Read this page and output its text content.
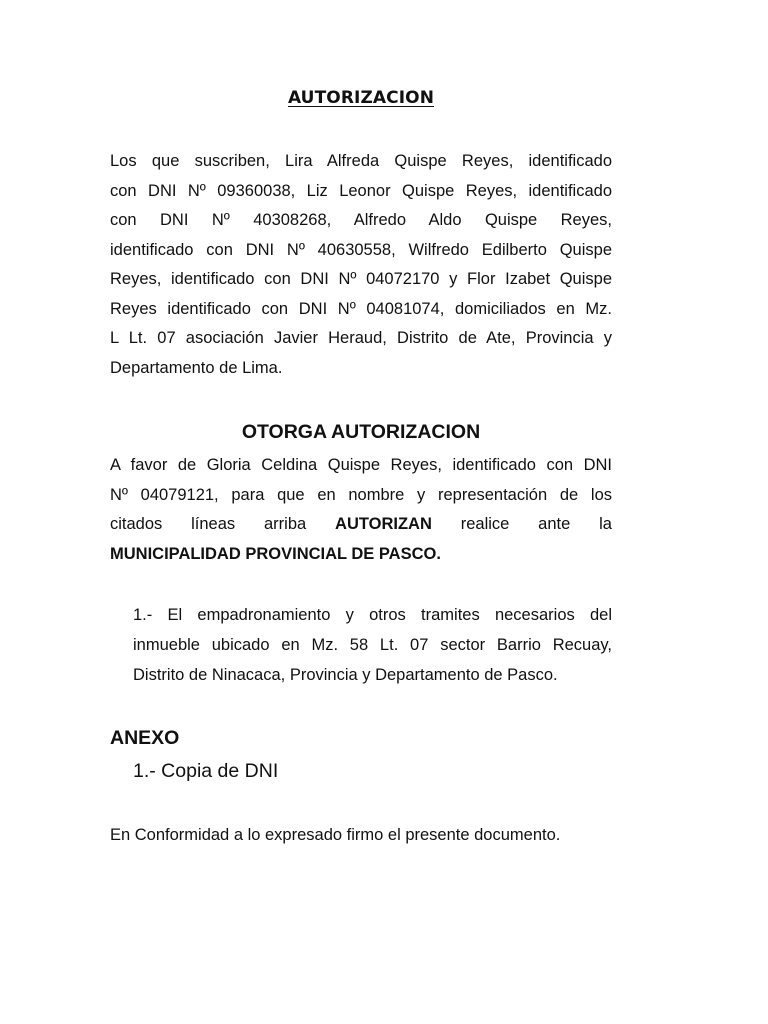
AUTORIZACION
Los que suscriben, Lira Alfreda Quispe Reyes, identificado
con DNI Nº 09360038, Liz Leonor Quispe Reyes, identificado
con DNI Nº 40308268, Alfredo Aldo Quispe Reyes,
identificado con DNI Nº 40630558, Wilfredo Edilberto Quispe
Reyes, identificado con DNI Nº 04072170 y Flor Izabet Quispe
Reyes identificado con DNI Nº 04081074, domiciliados en Mz.
L Lt. 07 asociación Javier Heraud, Distrito de Ate, Provincia y
Departamento de Lima.
OTORGA AUTORIZACION
A favor de Gloria Celdina Quispe Reyes, identificado con DNI
Nº 04079121, para que en nombre y representación de los
citados líneas arriba AUTORIZAN realice ante la
MUNICIPALIDAD PROVINCIAL DE PASCO.
1.- El empadronamiento y otros tramites necesarios del
inmueble ubicado en Mz. 58 Lt. 07 sector Barrio Recuay,
Distrito de Ninacaca, Provincia y Departamento de Pasco.
ANEXO

1.- Copia de DNI

En Conformidad a lo expresado firmo el presente documento.
